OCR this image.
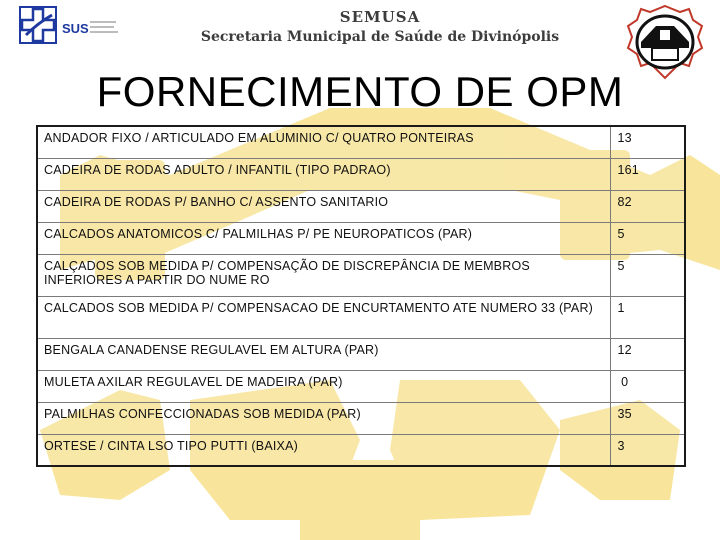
SUS
SEMUSA
Secretaria Municipal de Saúde de Divinópolis
FORNECIMENTO DE OPM
ANDADOR FIXO / ARTICULADO EM ALUMINIO C/ QUATRO PONTEIRAS	13
CADEIRA DE RODAS ADULTO / INFANTIL (TIPO PADRAO)	161
CADEIRA DE RODAS P/ BANHO C/ ASSENTO SANITARIO	82
CALCADOS ANATOMICOS C/ PALMILHAS P/ PE NEUROPATICOS (PAR)	5
CALÇADOS SOB MEDIDA P/ COMPENSAÇÃO DE DISCREPÂNCIA DE MEMBROS INFERIORES A PARTIR DO NUME RO	5
CALCADOS SOB MEDIDA P/ COMPENSACAO DE ENCURTAMENTO ATE NUMERO 33 (PAR)	1
BENGALA CANADENSE REGULAVEL EM ALTURA (PAR)	12
MULETA AXILAR REGULAVEL DE MADEIRA (PAR)	0
PALMILHAS CONFECCIONADAS SOB MEDIDA (PAR)	35
ORTESE / CINTA LSO TIPO PUTTI (BAIXA)	3
